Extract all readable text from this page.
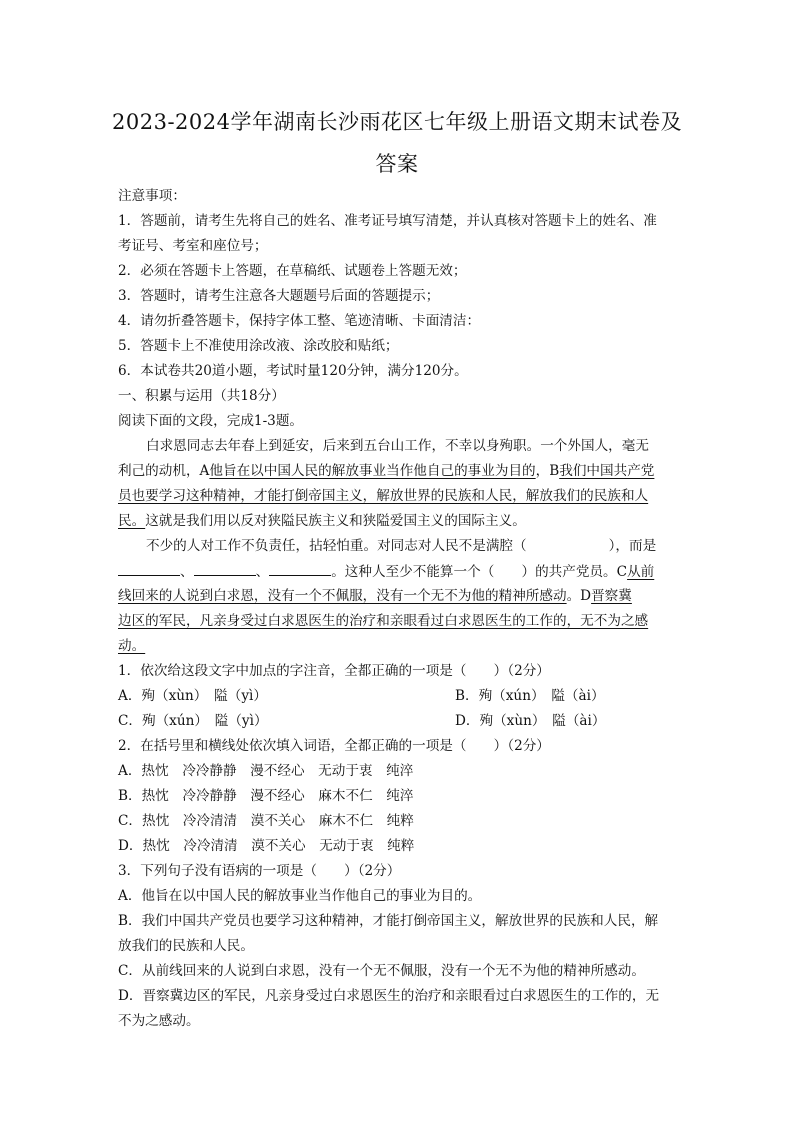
2023-2024学年湖南长沙雨花区七年级上册语文期末试卷及
答案
注意事项：
1．答题前，请考生先将自己的姓名、准考证号填写清楚，并认真核对答题卡上的姓名、准
考证号、考室和座位号；
2．必须在答题卡上答题，在草稿纸、试题卷上答题无效；
3．答题时，请考生注意各大题题号后面的答题提示；
4．请勿折叠答题卡，保持字体工整、笔迹清晰、卡面清洁：
5．答题卡上不准使用涂改液、涂改胶和贴纸；
6．本试卷共20道小题，考试时量120分钟，满分120分。
一、积累与运用（共18分）
阅读下面的文段，完成1-3题。
白求恩同志去年春上到延安，后来到五台山工作，不幸以身殉职。一个外国人，毫无
利己的动机，A他旨在以中国人民的解放事业当作他自己的事业为目的，B我们中国共产党
员也要学习这种精神，才能打倒帝国主义，解放世界的民族和人民，解放我们的民族和人
民。这就是我们用以反对狭隘民族主义和狭隘爱国主义的国际主义。
不少的人对工作不负责任，拈轻怕重。对同志对人民不是满腔（	），而是
、	、	。这种人至少不能算一个（　　）的共产党员。C从前
线回来的人说到白求恩，没有一个不佩服，没有一个无不为他的精神所感动。D晋察冀
边区的军民，凡亲身受过白求恩医生的治疗和亲眼看过白求恩医生的工作的，无不为之感
动。
1．依次给这段文字中加点的字注音，全都正确的一项是（　　）（2分）
A．殉（xùn）　隘（yì）	B．殉（xún）　隘（ài）
C．殉（xún）　隘（yì）	D．殉（xùn）　隘（ài）
2．在括号里和横线处依次填入词语，全都正确的一项是（　　）（2分）
A．热忱　冷冷静静　漫不经心　无动于衷　纯淬
B．热忱　冷冷静静　漫不经心　麻木不仁　纯淬
C．热忱　冷冷清清　漠不关心　麻木不仁　纯粹
D．热忱　冷冷清清　漠不关心　无动于衷　纯粹
3．下列句子没有语病的一项是（　　）（2分）
A．他旨在以中国人民的解放事业当作他自己的事业为目的。
B．我们中国共产党员也要学习这种精神，才能打倒帝国主义，解放世界的民族和人民，解
放我们的民族和人民。
C．从前线回来的人说到白求恩，没有一个无不佩服，没有一个无不为他的精神所感动。
D．晋察冀边区的军民，凡亲身受过白求恩医生的治疗和亲眼看过白求恩医生的工作的，无
不为之感动。
